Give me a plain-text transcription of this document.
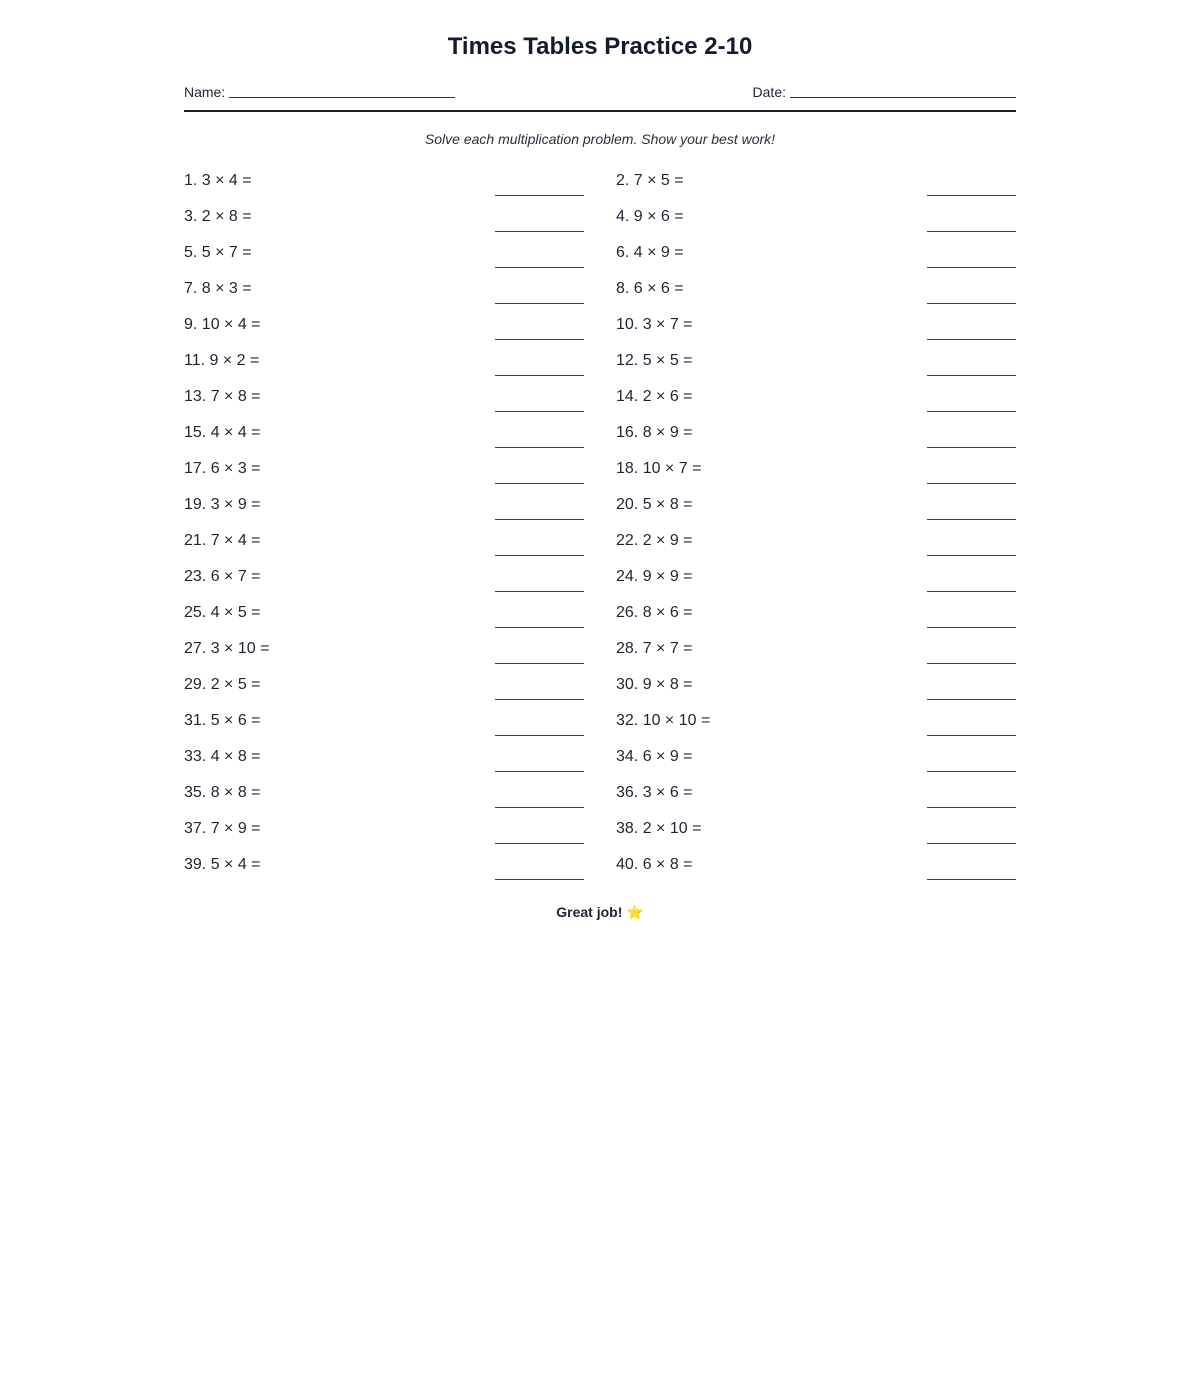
Times Tables Practice 2-10
Name:	Date:
Solve each multiplication problem. Show your best work!
1. 3 × 4 =	2. 7 × 5 =
3. 2 × 8 =	4. 9 × 6 =
5. 5 × 7 =	6. 4 × 9 =
7. 8 × 3 =	8. 6 × 6 =
9. 10 × 4 =	10. 3 × 7 =
11. 9 × 2 =	12. 5 × 5 =
13. 7 × 8 =	14. 2 × 6 =
15. 4 × 4 =	16. 8 × 9 =
17. 6 × 3 =	18. 10 × 7 =
19. 3 × 9 =	20. 5 × 8 =
21. 7 × 4 =	22. 2 × 9 =
23. 6 × 7 =	24. 9 × 9 =
25. 4 × 5 =	26. 8 × 6 =
27. 3 × 10 =	28. 7 × 7 =
29. 2 × 5 =	30. 9 × 8 =
31. 5 × 6 =	32. 10 × 10 =
33. 4 × 8 =	34. 6 × 9 =
35. 8 × 8 =	36. 3 × 6 =
37. 7 × 9 =	38. 2 × 10 =
39. 5 × 4 =	40. 6 × 8 =
Great job! ⭐
